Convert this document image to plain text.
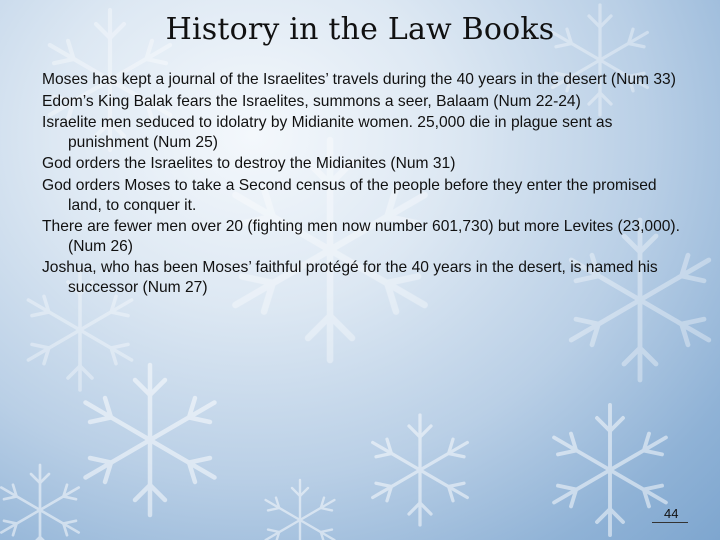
History in the Law Books
Moses has kept a journal of the Israelites’ travels during the 40 years in the desert (Num 33)
Edom’s King Balak fears the Israelites, summons a seer, Balaam (Num 22-24)
Israelite men seduced to idolatry by Midianite women. 25,000 die in plague sent as punishment (Num 25)
God orders the Israelites to destroy the Midianites (Num 31)
God orders Moses to take a Second census of the people before they enter the promised land, to conquer it.
There are fewer men over 20 (fighting men now number 601,730) but more Levites (23,000). (Num 26)
Joshua, who has been Moses’ faithful protégé for the 40 years in the desert, is named his successor (Num 27)
44
